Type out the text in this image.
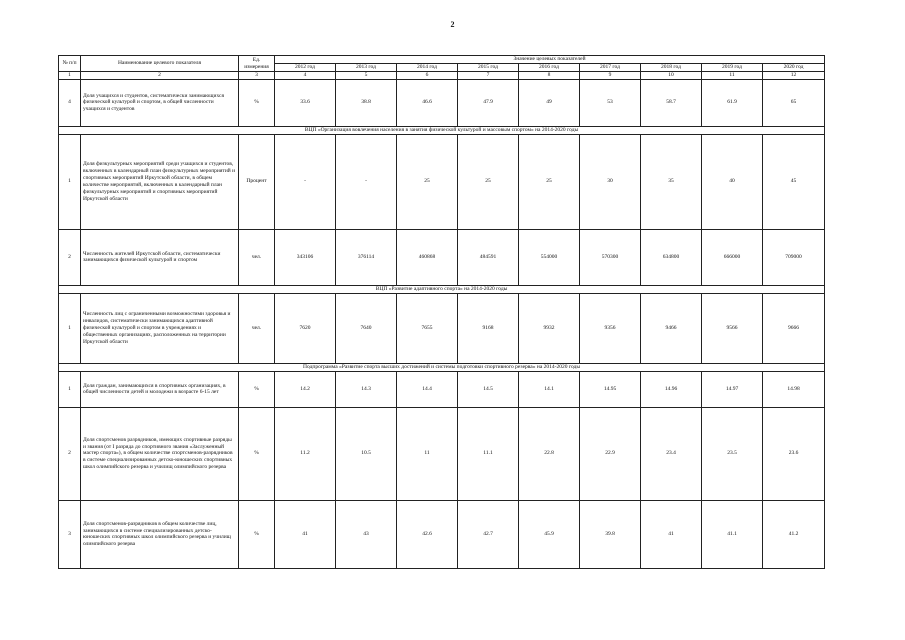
2
№ п/п	Наименование целевого показателя	Ед. измерения	Значение целевых показателей								
			2012 год	2013 год	2014 год	2015 год	2016 год	2017 год	2018 год	2019 год	2020 год
1	2	3	4	5	6	7	8	9	10	11	12
4	Доля учащихся и студентов, систематически занимающихся физической культурой и спортом, в общей численности учащихся и студентов	%	33.6	38.8	46.6	47.9	49	53	58.7	61.9	65
ВЦП «Организация вовлечения населения в занятия физической культурой и массовым спортом» на 2014-2020 годы											
1	Доля физкультурных мероприятий среди учащихся и студентов, включенных в календарный план физкультурных мероприятий и спортивных мероприятий Иркутской области, в общем количестве мероприятий, включенных в календарный план физкультурных мероприятий и спортивных мероприятий Иркутской области	Процент	-	-	25	25	25	30	35	40	45
2	Численность жителей Иркутской области, систематически занимающихся физической культурой и спортом	чел.	343106	376114	460868	484591	554000	570300	634800	666000	709000
ВЦП «Развитие адаптивного спорта» на 2014-2020 годы											
1	Численность лиц с ограниченными возможностями здоровья и инвалидов, систематически занимающихся адаптивной физической культурой и спортом в учреждениях и общественных организациях, расположенных на территории Иркутской области	чел.	7620	7640	7655	9168	9932	9356	9466	9566	9666
Подпрограмма «Развитие спорта высших достижений и системы подготовки спортивного резерва» на 2014-2020 годы											
1	Доля граждан, занимающихся в спортивных организациях, в общей численности детей и молодежи в возрасте 6-15 лет	%	14.2	14.3	14.4	14.5	14.1	14.95	14.96	14.97	14.98
2	Доля спортсменов разрядников, имеющих спортивные разряды и звания (от I разряда до спортивного звания «Заслуженный мастер спорта»), в общем количестве спортсменов-разрядников в системе специализированных детско-юношеских спортивных школ олимпийского резерва и училищ олимпийского резерва	%	11.2	10.5	11	11.1	22.8	22.9	23.4	23.5	23.6
3	Доля спортсменов-разрядников в общем количестве лиц, занимающихся в системе специализированных детско-юношеских спортивных школ олимпийского резерва и училищ олимпийского резерва	%	41	43	42.6	42.7	45.9	39.8	41	41.1	41.2
